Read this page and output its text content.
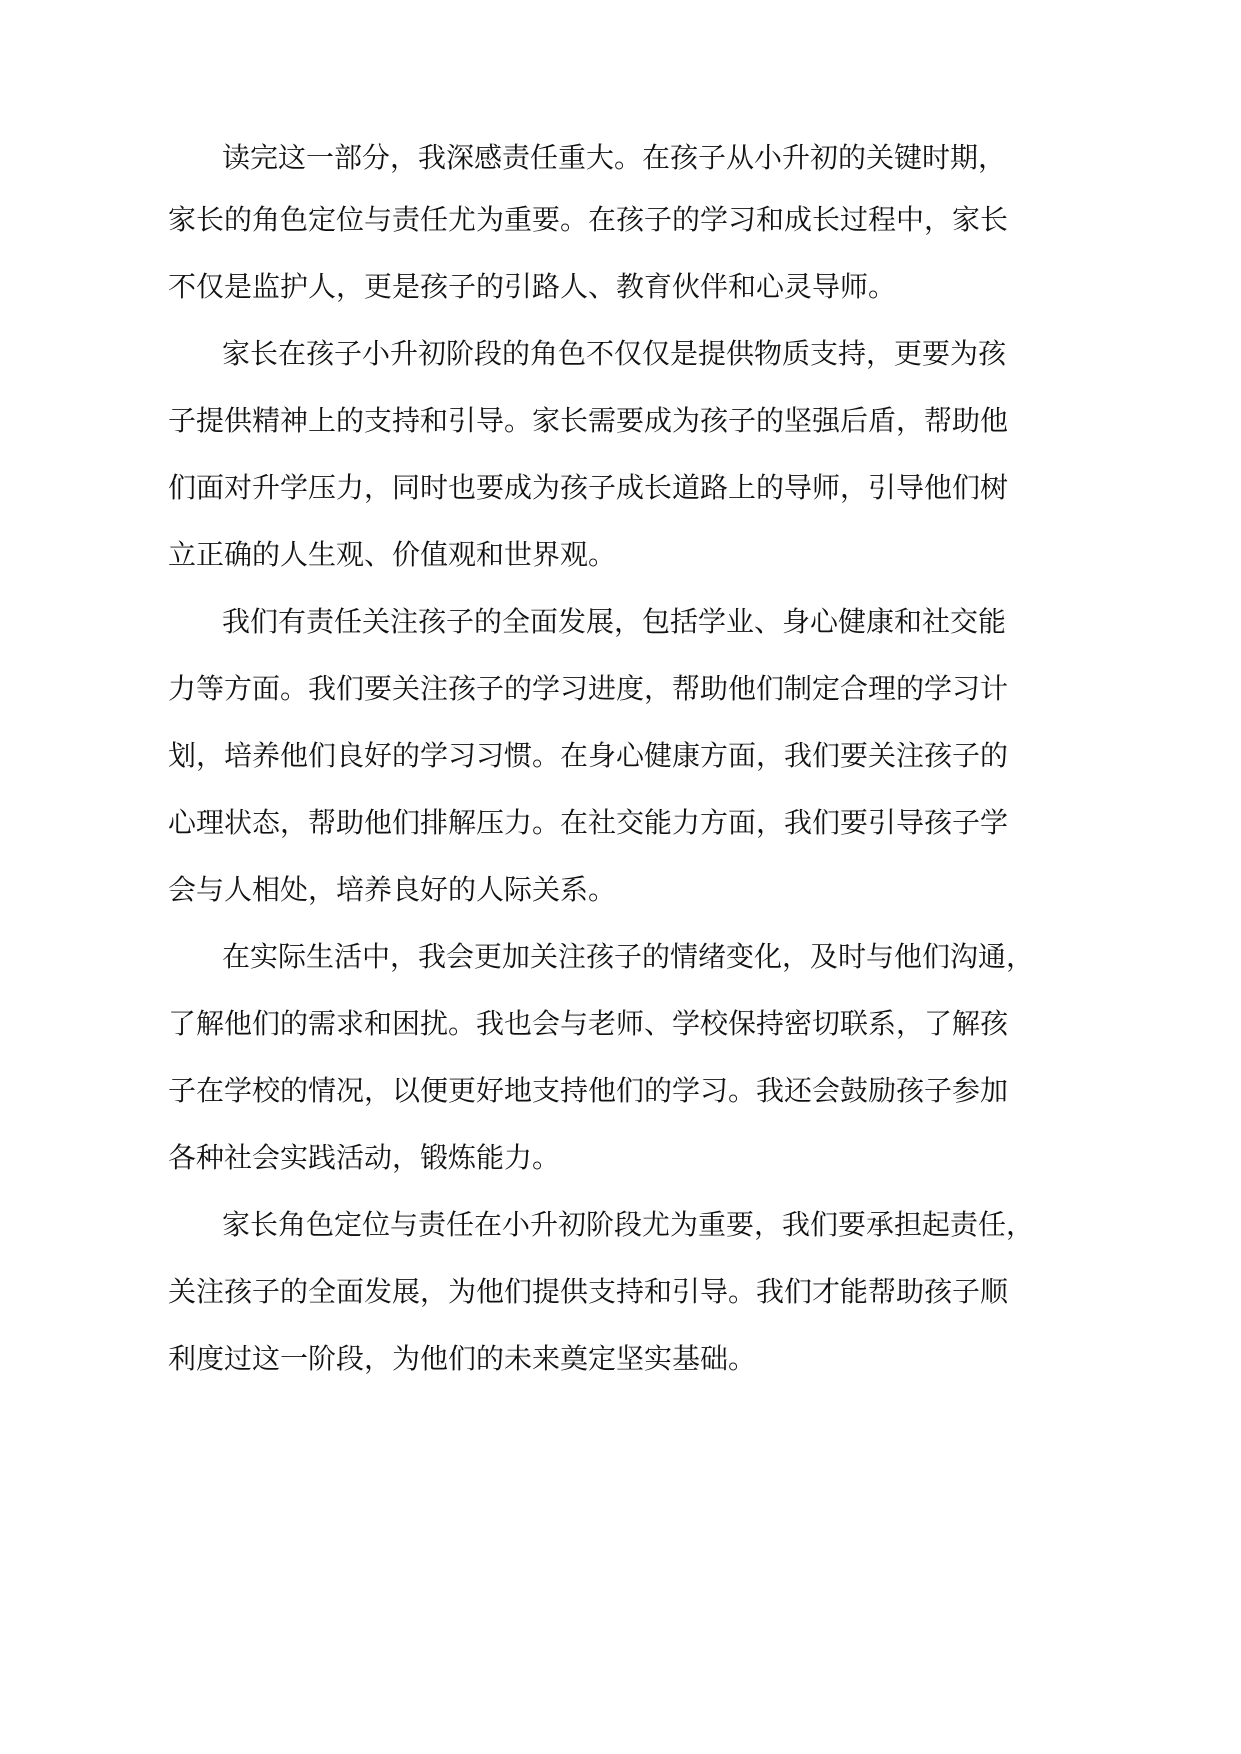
读完这一部分，我深感责任重大。在孩子从小升初的关键时期，
家长的角色定位与责任尤为重要。在孩子的学习和成长过程中，家长
不仅是监护人，更是孩子的引路人、教育伙伴和心灵导师。
家长在孩子小升初阶段的角色不仅仅是提供物质支持，更要为孩
子提供精神上的支持和引导。家长需要成为孩子的坚强后盾，帮助他
们面对升学压力，同时也要成为孩子成长道路上的导师，引导他们树
立正确的人生观、价值观和世界观。
我们有责任关注孩子的全面发展，包括学业、身心健康和社交能
力等方面。我们要关注孩子的学习进度，帮助他们制定合理的学习计
划，培养他们良好的学习习惯。在身心健康方面，我们要关注孩子的
心理状态，帮助他们排解压力。在社交能力方面，我们要引导孩子学
会与人相处，培养良好的人际关系。
在实际生活中，我会更加关注孩子的情绪变化，及时与他们沟通，
了解他们的需求和困扰。我也会与老师、学校保持密切联系，了解孩
子在学校的情况，以便更好地支持他们的学习。我还会鼓励孩子参加
各种社会实践活动，锻炼能力。
家长角色定位与责任在小升初阶段尤为重要，我们要承担起责任，
关注孩子的全面发展，为他们提供支持和引导。我们才能帮助孩子顺
利度过这一阶段，为他们的未来奠定坚实基础。
